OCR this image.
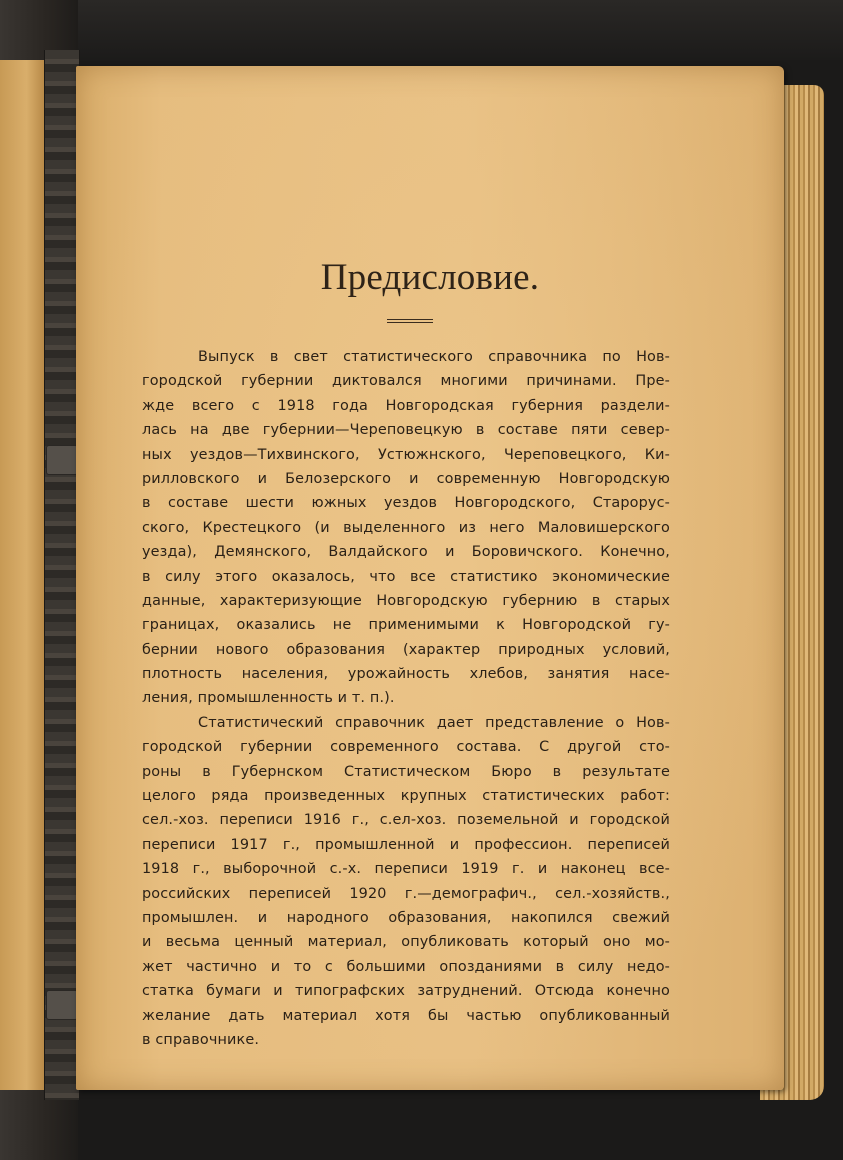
Предисловие.
Выпуск в свет статистического справочника по Нов-
городской губернии диктовался многими причинами. Пре-
жде всего с 1918 года Новгородская губерния раздели-
лась на две губернии—Череповецкую в составе пяти север-
ных уездов—Тихвинского, Устюжнского, Череповецкого, Ки-
рилловского и Белозерского и современную Новгородскую
в составе шести южных уездов Новгородского, Старорус-
ского, Крестецкого (и выделенного из него Маловишерского
уезда), Демянского, Валдайского и Боровичского. Конечно,
в силу этого оказалось, что все статистико экономические
данные, характеризующие Новгородскую губернию в старых
границах, оказались не применимыми к Новгородской гу-
бернии нового образования (характер природных условий,
плотность населения, урожайность хлебов, занятия насе-
ления, промышленность и т. п.).
Статистический справочник дает представление о Нов-
городской губернии современного состава. С другой сто-
роны в Губернском Статистическом Бюро в результате
целого ряда произведенных крупных статистических работ:
сел.-хоз. переписи 1916 г., с.ел-хоз. поземельной и городской
переписи 1917 г., промышленной и профессион. переписей
1918 г., выборочной с.-х. переписи 1919 г. и наконец все-
российских переписей 1920 г.—демографич., сел.-хозяйств.,
промышлен. и народного образования, накопился свежий
и весьма ценный материал, опубликовать который оно мо-
жет частично и то с большими опозданиями в силу недо-
статка бумаги и типографских затруднений. Отсюда конечно
желание дать материал хотя бы частью опубликованный
в справочнике.
